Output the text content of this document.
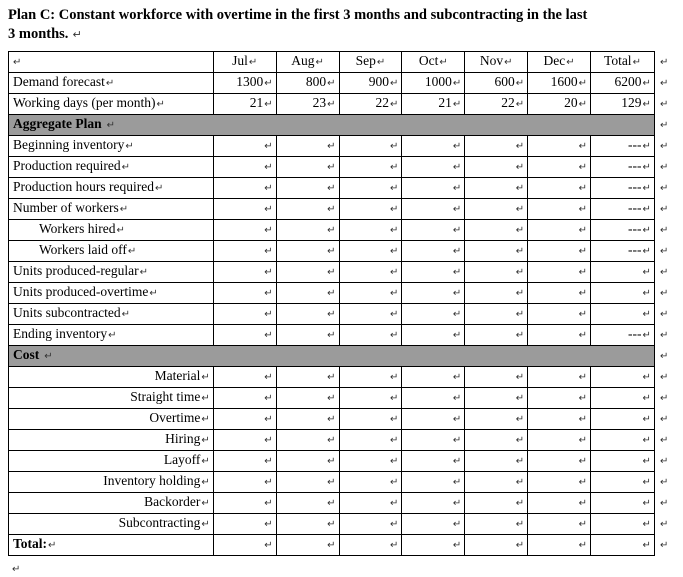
Plan C: Constant workforce with overtime in the first 3 months and subcontracting in the last 3 months. ↵

↵	Jul↵	Aug↵	Sep↵	Oct↵	Nov↵	Dec↵	Total↵	↵
Demand forecast↵	1300↵	800↵	900↵	1000↵	600↵	1600↵	6200↵	↵
Working days (per month)↵	21↵	23↵	22↵	21↵	22↵	20↵	129↵	↵
Aggregate Plan ↵								↵
Beginning inventory↵	↵	↵	↵	↵	↵	↵	---↵	↵
Production required↵	↵	↵	↵	↵	↵	↵	---↵	↵
Production hours required↵	↵	↵	↵	↵	↵	↵	---↵	↵
Number of workers↵	↵	↵	↵	↵	↵	↵	---↵	↵
Workers hired↵	↵	↵	↵	↵	↵	↵	---↵	↵
Workers laid off↵	↵	↵	↵	↵	↵	↵	---↵	↵
Units produced-regular↵	↵	↵	↵	↵	↵	↵	↵	↵
Units produced-overtime↵	↵	↵	↵	↵	↵	↵	↵	↵
Units subcontracted↵	↵	↵	↵	↵	↵	↵	↵	↵
Ending inventory↵	↵	↵	↵	↵	↵	↵	---↵	↵
Cost ↵								↵
Material↵	↵	↵	↵	↵	↵	↵	↵	↵
Straight time↵	↵	↵	↵	↵	↵	↵	↵	↵
Overtime↵	↵	↵	↵	↵	↵	↵	↵	↵
Hiring↵	↵	↵	↵	↵	↵	↵	↵	↵
Layoff↵	↵	↵	↵	↵	↵	↵	↵	↵
Inventory holding↵	↵	↵	↵	↵	↵	↵	↵	↵
Backorder↵	↵	↵	↵	↵	↵	↵	↵	↵
Subcontracting↵	↵	↵	↵	↵	↵	↵	↵	↵
Total:↵	↵	↵	↵	↵	↵	↵	↵	↵

↵
